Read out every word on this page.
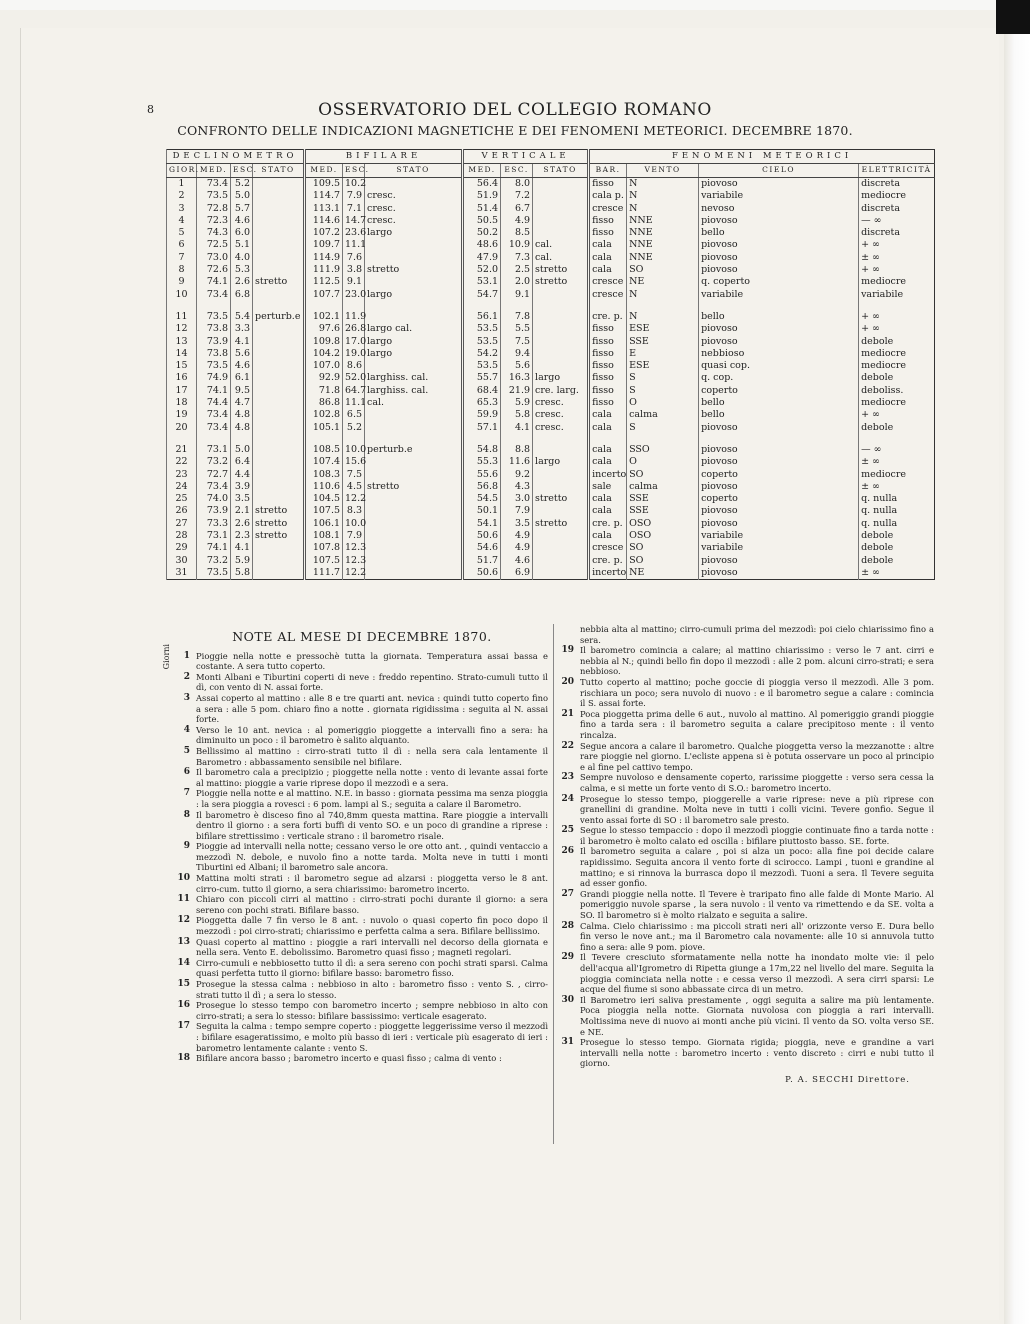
8	OSSERVATORIO DEL COLLEGIO ROMANO
CONFRONTO DELLE INDICAZIONI MAGNETICHE E DEI FENOMENI METEORICI. DECEMBRE 1870.
DECLINOMETRO				BIFILARE			VERTICALE			FENOMENI METEORICI			
GIOR.	MED.	ESC.	STATO	MED.	ESC.	STATO	MED.	ESC.	STATO	BAR.	VENTO	CIELO	ELETTRICITÀ
1	73.4	5.2		109.5	10.2		56.4	8.0		fisso	N	piovoso	discreta
2	73.5	5.0		114.7	7.9	cresc.	51.9	7.2		cala p.	N	variabile	mediocre
3	72.8	5.7		113.1	7.1	cresc.	51.4	6.7		cresce	N	nevoso	discreta
4	72.3	4.6		114.6	14.7	cresc.	50.5	4.9		fisso	NNE	piovoso	— ∞
5	74.3	6.0		107.2	23.6	largo	50.2	8.5		fisso	NNE	bello	discreta
6	72.5	5.1		109.7	11.1		48.6	10.9	cal.	cala	NNE	piovoso	+ ∞
7	73.0	4.0		114.9	7.6		47.9	7.3	cal.	cala	NNE	piovoso	± ∞
8	72.6	5.3		111.9	3.8	stretto	52.0	2.5	stretto	cala	SO	piovoso	+ ∞
9	74.1	2.6	stretto	112.5	9.1		53.1	2.0	stretto	cresce	NE	q. coperto	mediocre
10	73.4	6.8		107.7	23.0	largo	54.7	9.1		cresce	N	variabile	variabile
11	73.5	5.4	perturb.e	102.1	11.9		56.1	7.8		cre. p.	N	bello	+ ∞
12	73.8	3.3		97.6	26.8	largo cal.	53.5	5.5		fisso	ESE	piovoso	+ ∞
13	73.9	4.1		109.8	17.0	largo	53.5	7.5		fisso	SSE	piovoso	debole
14	73.8	5.6		104.2	19.0	largo	54.2	9.4		fisso	E	nebbioso	mediocre
15	73.5	4.6		107.0	8.6		53.5	5.6		fisso	ESE	quasi cop.	mediocre
16	74.9	6.1		92.9	52.0	larghiss. cal.	55.7	16.3	largo	fisso	S	q. cop.	debole
17	74.1	9.5		71.8	64.7	larghiss. cal.	68.4	21.9	cre. larg.	fisso	S	coperto	deboliss.
18	74.4	4.7		86.8	11.1	cal.	65.3	5.9	cresc.	fisso	O	bello	mediocre
19	73.4	4.8		102.8	6.5		59.9	5.8	cresc.	cala	calma	bello	+ ∞
20	73.4	4.8		105.1	5.2		57.1	4.1	cresc.	cala	S	piovoso	debole
21	73.1	5.0		108.5	10.0	perturb.e	54.8	8.8		cala	SSO	piovoso	— ∞
22	73.2	6.4		107.4	15.6		55.3	11.6	largo	cala	O	piovoso	± ∞
23	72.7	4.4		108.3	7.5		55.6	9.2		incerto	SO	coperto	mediocre
24	73.4	3.9		110.6	4.5	stretto	56.8	4.3		sale	calma	piovoso	± ∞
25	74.0	3.5		104.5	12.2		54.5	3.0	stretto	cala	SSE	coperto	q. nulla
26	73.9	2.1	stretto	107.5	8.3		50.1	7.9		cala	SSE	piovoso	q. nulla
27	73.3	2.6	stretto	106.1	10.0		54.1	3.5	stretto	cre. p.	OSO	piovoso	q. nulla
28	73.1	2.3	stretto	108.1	7.9		50.6	4.9		cala	OSO	variabile	debole
29	74.1	4.1		107.8	12.3		54.6	4.9		cresce	SO	variabile	debole
30	73.2	5.9		107.5	12.3		51.7	4.6		cre. p.	SO	piovoso	debole
31	73.5	5.8		111.7	12.2		50.6	6.9		incerto	NE	piovoso	± ∞
Giorni
NOTE AL MESE DI DECEMBRE 1870.
1 Pioggie nella notte e pressochè tutta la giornata. Temperatura assai bassa e costante. A sera tutto coperto.
2 Monti Albani e Tiburtini coperti di neve : freddo repentino. Strato-cumuli tutto il dì, con vento di N. assai forte.
3 Assai coperto al mattino : alle 8 e tre quarti ant. nevica : quindi tutto coperto fino a sera : alle 5 pom. chiaro fino a notte . giornata rigidissima : seguita al N. assai forte.
4 Verso le 10 ant. nevica : al pomeriggio pioggette a intervalli fino a sera: ha diminuito un poco : il barometro è salito alquanto.
5 Bellissimo al mattino : cirro-strati tutto il dì : nella sera cala lentamente il Barometro : abbassamento sensibile nel bifilare.
6 Il barometro cala a precipizio ; pioggette nella notte : vento di levante assai forte al mattino: pioggie a varie riprese dopo il mezzodì e a sera.
7 Pioggie nella notte e al mattino. N.E. in basso : giornata pessima ma senza pioggia : la sera pioggia a rovesci : 6 pom. lampi al S.; seguita a calare il Barometro.
8 Il barometro è disceso fino al 740,8mm questa mattina. Rare pioggie a intervalli dentro il giorno : a sera forti buffi di vento SO. e un poco di grandine a riprese : bifilare strettissimo : verticale strano : il barometro risale.
9 Pioggie ad intervalli nella notte; cessano verso le ore otto ant. , quindi ventaccio a mezzodì N. debole, e nuvolo fino a notte tarda. Molta neve in tutti i monti Tiburtini ed Albani; il barometro sale ancora.
10 Mattina molti strati : il barometro segue ad alzarsi : pioggetta verso le 8 ant. cirro-cum. tutto il giorno, a sera chiarissimo: barometro incerto.
11 Chiaro con piccoli cirri al mattino : cirro-strati pochi durante il giorno: a sera sereno con pochi strati. Bifilare basso.
12 Pioggetta dalle 7 fin verso le 8 ant. : nuvolo o quasi coperto fin poco dopo il mezzodì : poi cirro-strati; chiarissimo e perfetta calma a sera. Bifilare bellissimo.
13 Quasi coperto al mattino : pioggie a rari intervalli nel decorso della giornata e nella sera. Vento E. debolissimo. Barometro quasi fisso ; magneti regolari.
14 Cirro-cumuli e nebbiosetto tutto il dì: a sera sereno con pochi strati sparsi. Calma quasi perfetta tutto il giorno: bifilare basso: barometro fisso.
15 Prosegue la stessa calma : nebbioso in alto : barometro fisso : vento S. , cirro-strati tutto il dì ; a sera lo stesso.
16 Prosegue lo stesso tempo con barometro incerto ; sempre nebbioso in alto con cirro-strati; a sera lo stesso: bifilare bassissimo: verticale esagerato.
17 Seguita la calma : tempo sempre coperto : pioggette leggerissime verso il mezzodì : bifilare esageratissimo, e molto più basso di ieri : verticale più esagerato di ieri : barometro lentamente calante : vento S.
18 Bifilare ancora basso ; barometro incerto e quasi fisso ; calma di vento :
nebbia alta al mattino; cirro-cumuli prima del mezzodì: poi cielo chiarissimo fino a sera.
19 Il barometro comincia a calare; al mattino chiarissimo : verso le 7 ant. cirri e nebbia al N.; quindi bello fin dopo il mezzodì : alle 2 pom. alcuni cirro-strati; e sera nebbioso.
20 Tutto coperto al mattino; poche goccie di pioggia verso il mezzodì. Alle 3 pom. rischiara un poco; sera nuvolo di nuovo : e il barometro segue a calare : comincia il S. assai forte.
21 Poca pioggetta prima delle 6 aut., nuvolo al mattino. Al pomeriggio grandi pioggie fino a tarda sera : il barometro seguita a calare precipitoso mente : il vento rincalza.
22 Segue ancora a calare il barometro. Qualche pioggetta verso la mezzanotte : altre rare pioggie nel giorno. L'ecliste appena si è potuta osservare un poco al principio e al fine pel cattivo tempo.
23 Sempre nuvoloso e densamente coperto, rarissime pioggette : verso sera cessa la calma, e si mette un forte vento di S.O.: barometro incerto.
24 Prosegue lo stesso tempo, pioggerelle a varie riprese: neve a più riprese con granellini di grandine. Molta neve in tutti i colli vicini. Tevere gonfio. Segue il vento assai forte di SO : il barometro sale presto.
25 Segue lo stesso tempaccio : dopo il mezzodì pioggie continuate fino a tarda notte : il barometro è molto calato ed oscilla : bifilare piuttosto basso. SE. forte.
26 Il barometro seguita a calare , poi si alza un poco: alla fine poi decide calare rapidissimo. Seguita ancora il vento forte di scirocco. Lampi , tuoni e grandine al mattino; e si rinnova la burrasca dopo il mezzodì. Tuoni a sera. Il Tevere seguita ad esser gonfio.
27 Grandi pioggie nella notte. Il Tevere è traripato fino alle falde di Monte Mario. Al pomeriggio nuvole sparse , la sera nuvolo : il vento va rimettendo e da SE. volta a SO. Il barometro si è molto rialzato e seguita a salire.
28 Calma. Cielo chiarissimo : ma piccoli strati neri all' orizzonte verso E. Dura bello fin verso le nove ant.; ma il Barometro cala novamente: alle 10 si annuvola tutto fino a sera: alle 9 pom. piove.
29 Il Tevere cresciuto sformatamente nella notte ha inondato molte vie: il pelo dell'acqua all'Igrometro di Ripetta giunge a 17m,22 nel livello del mare. Seguita la pioggia cominciata nella notte : e cessa verso il mezzodì. A sera cirri sparsi: Le acque del fiume si sono abbassate circa di un metro.
30 Il Barometro ieri saliva prestamente , oggi seguita a salire ma più lentamente. Poca pioggia nella notte. Giornata nuvolosa con pioggia a rari intervalli. Moltissima neve di nuovo ai monti anche più vicini. Il vento da SO. volta verso SE. e NE.
31 Prosegue lo stesso tempo. Giornata rigida; pioggia, neve e grandine a vari intervalli nella notte : barometro incerto : vento discreto : cirri e nubi tutto il giorno.
P. A. SECCHI Direttore.
